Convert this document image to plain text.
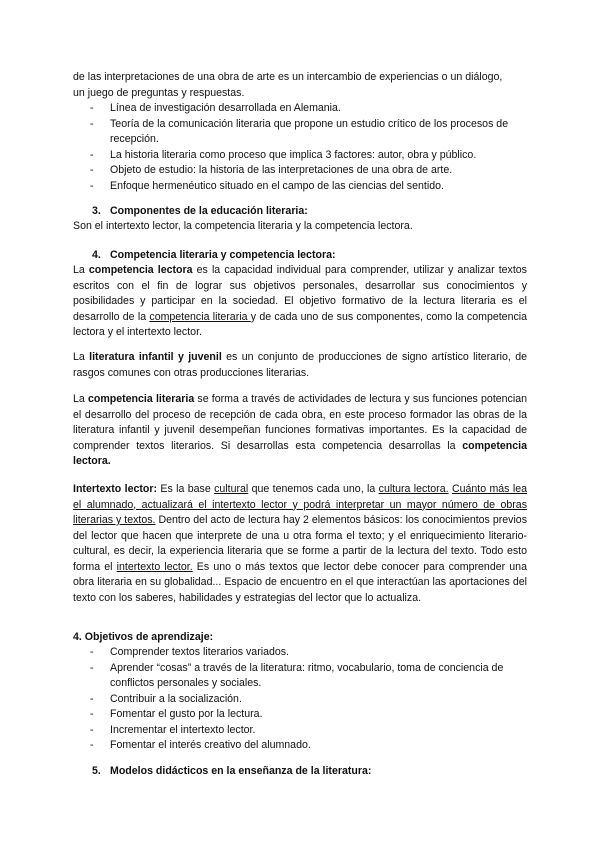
de las interpretaciones de una obra de arte es un intercambio de experiencias o un diálogo,
un juego de preguntas y respuestas.

- Línea de investigación desarrollada en Alemania.
- Teoría de la comunicación literaria que propone un estudio crítico de los procesos de recepción.
- La historia literaria como proceso que implica 3 factores: autor, obra y público.
- Objeto de estudio: la historia de las interpretaciones de una obra de arte.
- Enfoque hermenéutico situado en el campo de las ciencias del sentido.

3. Componentes de la educación literaria:

Son el intertexto lector, la competencia literaria y la competencia lectora.

4. Competencia literaria y competencia lectora:

La competencia lectora es la capacidad individual para comprender, utilizar y analizar textos escritos con el fin de lograr sus objetivos personales, desarrollar sus conocimientos y posibilidades y participar en la sociedad. El objetivo formativo de la lectura literaria es el desarrollo de la competencia literaria y de cada uno de sus componentes, como la competencia lectora y el intertexto lector.

La literatura infantil y juvenil es un conjunto de producciones de signo artístico literario, de rasgos comunes con otras producciones literarias.

La competencia literaria se forma a través de actividades de lectura y sus funciones potencian el desarrollo del proceso de recepción de cada obra, en este proceso formador las obras de la literatura infantil y juvenil desempeñan funciones formativas importantes. Es la capacidad de comprender textos literarios. Si desarrollas esta competencia desarrollas la competencia lectora.

Intertexto lector: Es la base cultural que tenemos cada uno, la cultura lectora. Cuánto más lea el alumnado, actualizará el intertexto lector y podrá interpretar un mayor número de obras literarias y textos. Dentro del acto de lectura hay 2 elementos básicos: los conocimientos previos del lector que hacen que interprete de una u otra forma el texto; y el enriquecimiento literario-cultural, es decir, la experiencia literaria que se forme a partir de la lectura del texto. Todo esto forma el intertexto lector. Es uno o más textos que lector debe conocer para comprender una obra literaria en su globalidad... Espacio de encuentro en el que interactúan las aportaciones del texto con los saberes, habilidades y estrategias del lector que lo actualiza.

4. Objetivos de aprendizaje:

- Comprender textos literarios variados.
- Aprender “cosas” a través de la literatura: ritmo, vocabulario, toma de conciencia de conflictos personales y sociales.
- Contribuir a la socialización.
- Fomentar el gusto por la lectura.
- Incrementar el intertexto lector.
- Fomentar el interés creativo del alumnado.

5. Modelos didácticos en la enseñanza de la literatura:
